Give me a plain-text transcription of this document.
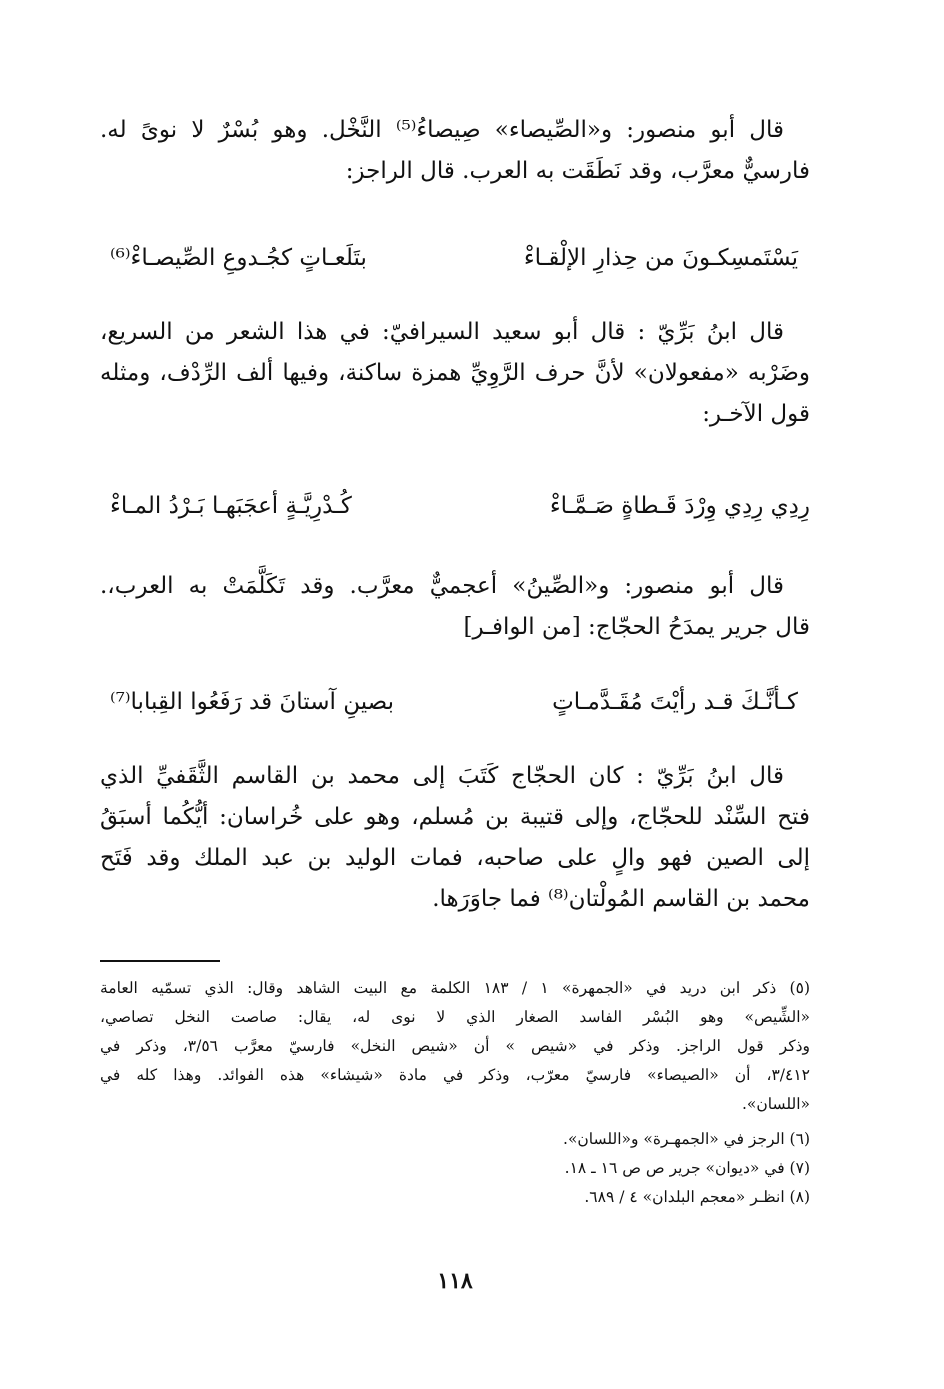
قال أبو منصور: و«الصِّيصاء» صِيصاءُ⁽⁵⁾ النَّخْل. وهو بُسْرٌ لا نوىً له.
فارسيٌّ معرَّب، وقد نَطَقَت به العرب. قال الراجز:
يَسْتَمسِكـونَ من حِذارِ الإلْقـاءْ
بتَلَعـاتٍ كجُـدوعِ الصِّيصـاءْ⁽⁶⁾
قال ابنُ بَرِّيّ : قال أبو سعيد السيرافيّ: في هذا الشعر من السريع،
وضَرْبه «مفعولان» لأنَّ حرف الرَّوِيِّ همزة ساكنة، وفيها ألف الرِّدْف، ومثله
قول الآخـر:
رِدِي رِدِي وِرْدَ قَـطاةٍ صَـمَّـاءْ
كُـدْرِيَّـةٍ أعجَبَهـا بَـرْدُ المـاءْ
قال أبو منصور: و«الصِّينُ» أعجميٌّ معرَّب. وقد تَكَلَّمَتْ به العرب،.
قال جرير يمدَحُ الحجّاج: [من الوافـر]
كـأنَّـكَ قـد رأيْتَ مُقَـدَّمـاتٍ
بصينِ آستانَ قد رَفَعُوا القِبابا⁽⁷⁾
قال ابنُ بَرِّيّ : كان الحجّاج كَتَبَ إلى محمد بن القاسم الثَّقَفيِّ الذي
فتح السِّنْد للحجّاج، وإلى قتيبة بن مُسلم، وهو على خُراسان: أيُّكُما أسبَقُ
إلى الصين فهو والٍ على صاحبه، فمات الوليد بن عبد الملك وقد فَتَح
محمد بن القاسم المُولْتان⁽⁸⁾ فما جاوَرَها.
(٥) ذكر ابن دريد في «الجمهرة» ١ / ١٨٣ الكلمة مع البيت الشاهد وقال: الذي تسمّيه العامة
«الشِّيص» وهو البُسْر الفاسد الصغار الذي لا نوى له، يقال: صاصت النخل تصاصي،
وذكر قول الراجز. وذكر في «شيص » أن «شيص النخل» فارسيّ معرَّب ٣/٥٦، وذكر في
٣/٤١٢، أن «الصيصاء» فارسيّ معرّب، وذكر في مادة «شيشاء» هذه الفوائد. وهذا كله في
«اللسان».
(٦) الرجز في «الجمهـرة» و«اللسان».
(٧) في «ديوان» جرير ص ص ١٦ ـ ١٨.
(٨) انظـر «معجم البلدان» ٤ / ٦٨٩.
١١٨
